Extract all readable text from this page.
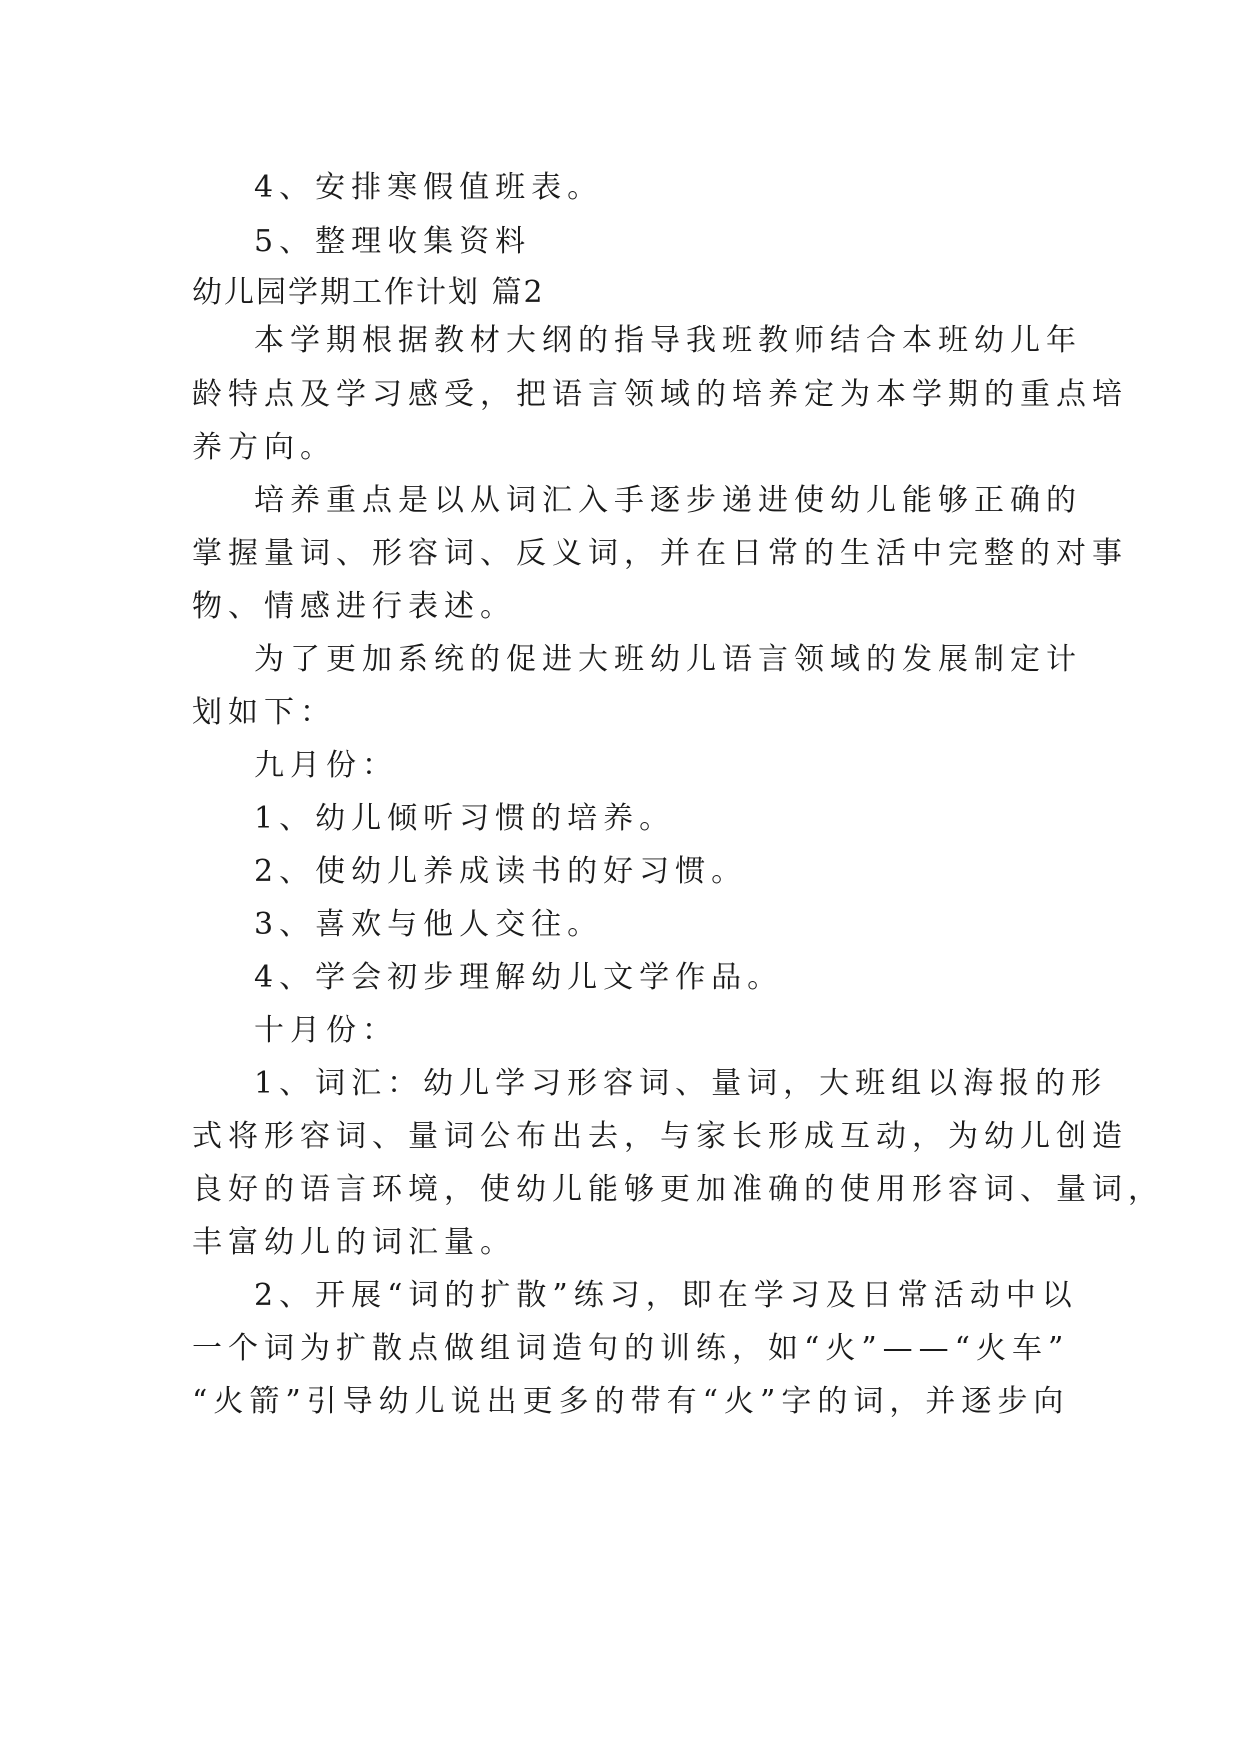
4、安排寒假值班表。
5、整理收集资料
幼儿园学期工作计划 篇2
本学期根据教材大纲的指导我班教师结合本班幼儿年
龄特点及学习感受，把语言领域的培养定为本学期的重点培
养方向。
培养重点是以从词汇入手逐步递进使幼儿能够正确的
掌握量词、形容词、反义词，并在日常的生活中完整的对事
物、情感进行表述。
为了更加系统的促进大班幼儿语言领域的发展制定计
划如下：
九月份：
1、幼儿倾听习惯的培养。
2、使幼儿养成读书的好习惯。
3、喜欢与他人交往。
4、学会初步理解幼儿文学作品。
十月份：
1、词汇：幼儿学习形容词、量词，大班组以海报的形
式将形容词、量词公布出去，与家长形成互动，为幼儿创造
良好的语言环境，使幼儿能够更加准确的使用形容词、量词，
丰富幼儿的词汇量。
2、开展“词的扩散”练习，即在学习及日常活动中以
一个词为扩散点做组词造句的训练，如“火”——“火车”
“火箭”引导幼儿说出更多的带有“火”字的词，并逐步向
